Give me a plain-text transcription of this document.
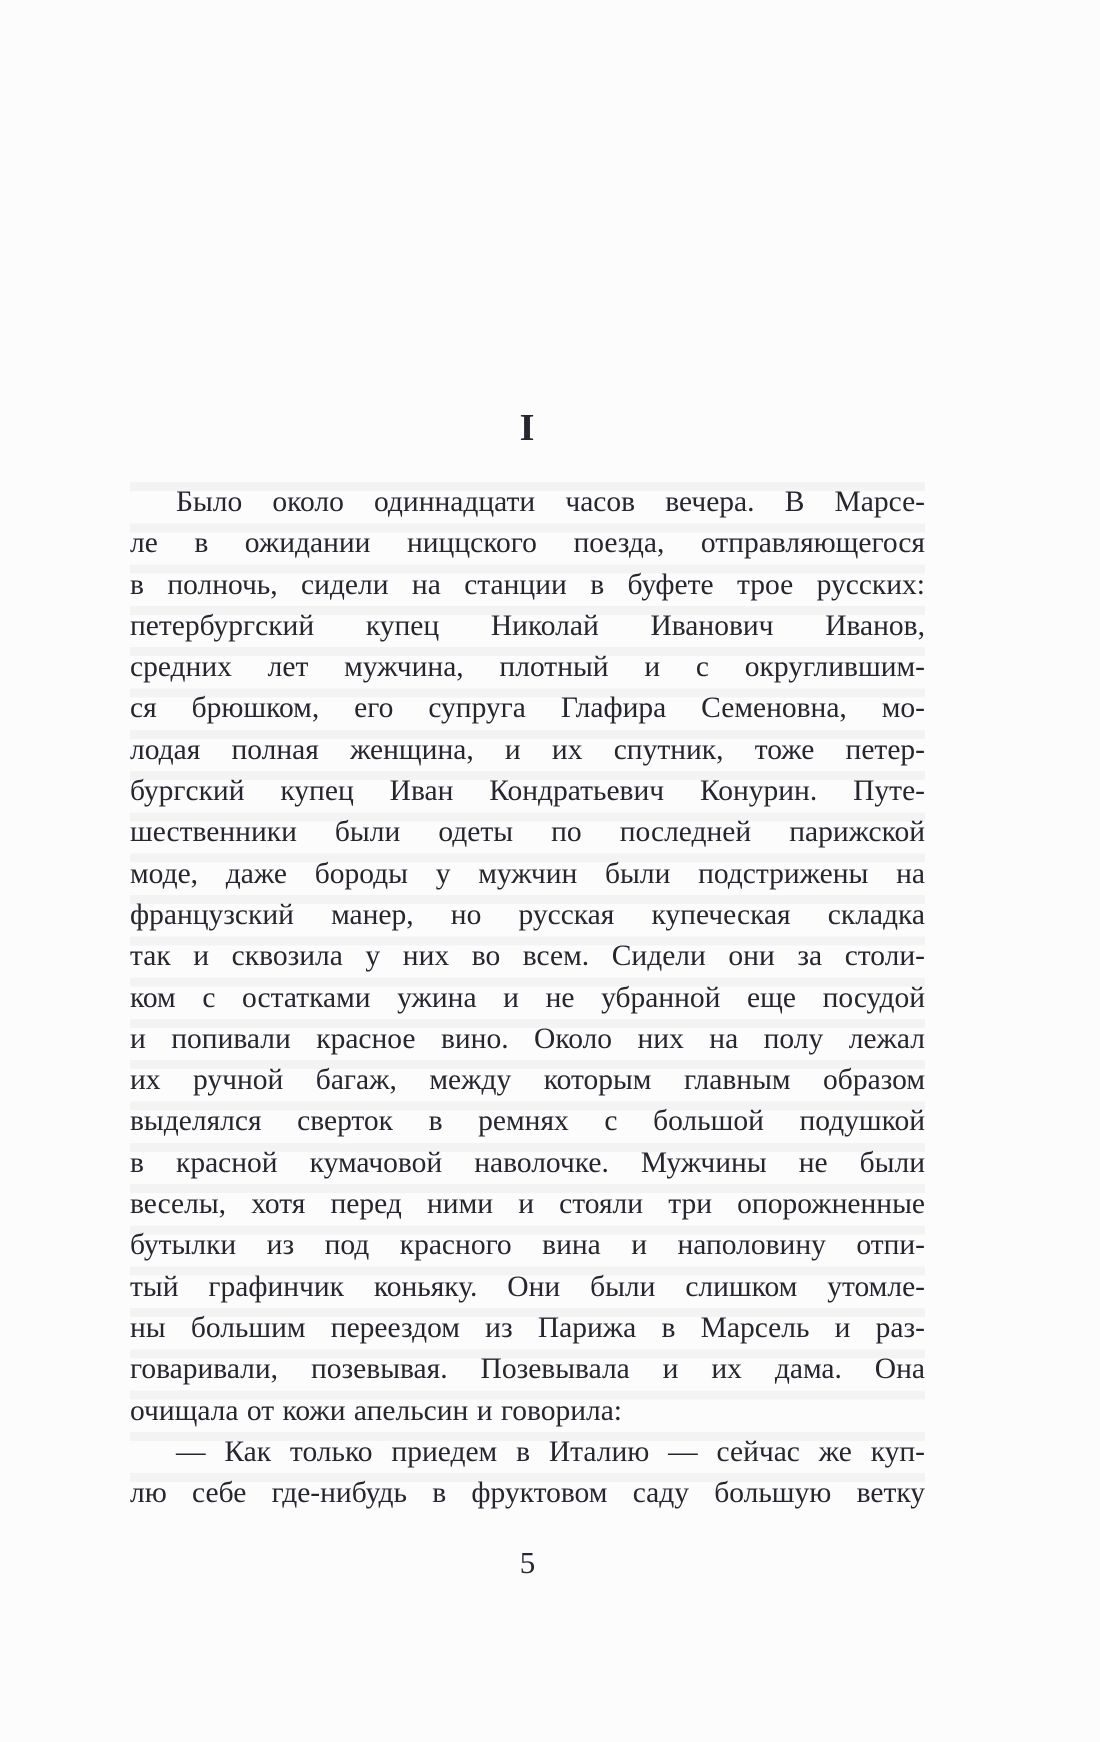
I
Было около одиннадцати часов вечера. В Марсе-
ле в ожидании ниццского поезда, отправляющегося
в полночь, сидели на станции в буфете трое русских:
петербургский купец Николай Иванович Иванов,
средних лет мужчина, плотный и с округлившим-
ся брюшком, его супруга Глафира Семеновна, мо-
лодая полная женщина, и их спутник, тоже петер-
бургский купец Иван Кондратьевич Конурин. Путе-
шественники были одеты по последней парижской
моде, даже бороды у мужчин были подстрижены на
французский манер, но русская купеческая складка
так и сквозила у них во всем. Сидели они за столи-
ком с остатками ужина и не убранной еще посудой
и попивали красное вино. Около них на полу лежал
их ручной багаж, между которым главным образом
выделялся сверток в ремнях с большой подушкой
в красной кумачовой наволочке. Мужчины не были
веселы, хотя перед ними и стояли три опорожненные
бутылки из под красного вина и наполовину отпи-
тый графинчик коньяку. Они были слишком утомле-
ны большим переездом из Парижа в Марсель и раз-
говаривали, позевывая. Позевывала и их дама. Она
очищала от кожи апельсин и говорила:
— Как только приедем в Италию — сейчас же куп-
лю себе где-нибудь в фруктовом саду большую ветку
5
